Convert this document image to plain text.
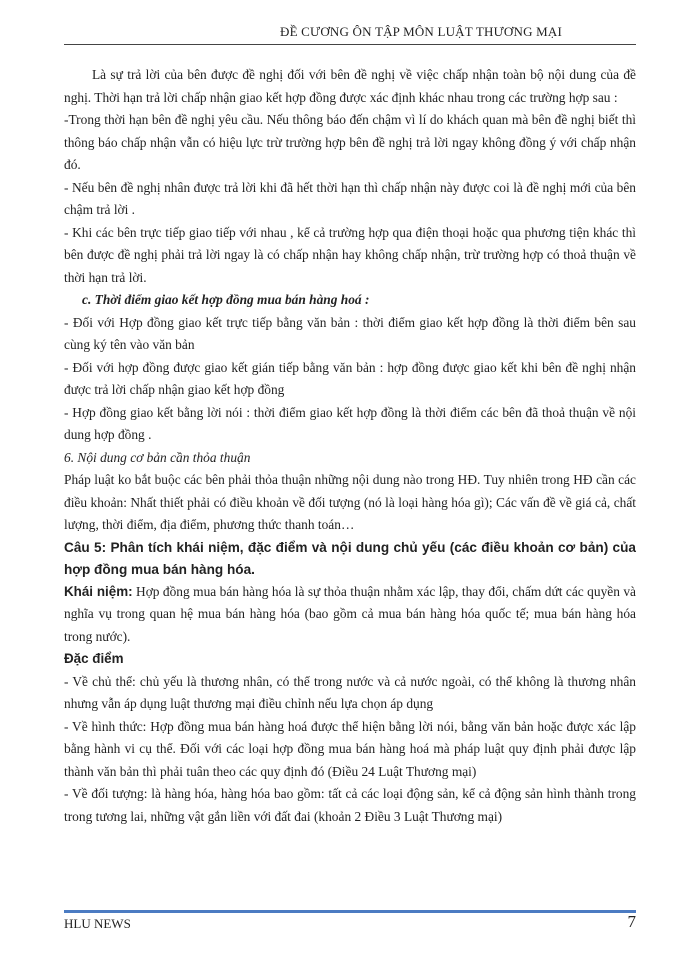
ĐỀ CƯƠNG ÔN TẬP MÔN LUẬT THƯƠNG MẠI

Là sự trả lời của bên được đề nghị đối với bên đề nghị về việc chấp nhận toàn bộ nội dung của đề nghị. Thời hạn trả lời chấp nhận giao kết hợp đồng được xác định khác nhau trong các trường hợp sau :

-Trong thời hạn bên đề nghị yêu cầu. Nếu thông báo đến chậm vì lí do khách quan mà bên đề nghị biết thì thông báo chấp nhận vẫn có hiệu lực trừ trường hợp bên đề nghị trả lời ngay không đồng ý với chấp nhận đó.

- Nếu bên đề nghị nhân được trả lời khi đã hết thời hạn thì chấp nhận này được coi là đề nghị mới của bên chậm trả lời .

- Khi các bên trực tiếp giao tiếp với nhau , kể cả trường hợp qua điện thoại hoặc qua phương tiện khác thì bên được đề nghị phải trả lời ngay là có chấp nhận hay không chấp nhận, trừ trường hợp có thoả thuận về thời hạn trả lời.

c. Thời điểm giao kết hợp đồng mua bán hàng hoá :

- Đối với Hợp đồng giao kết trực tiếp bằng văn bản : thời điểm giao kết hợp đồng là thời điểm bên sau cùng ký tên vào văn bản

- Đối với hợp đồng được giao kết gián tiếp bằng văn bản : hợp đồng được giao kết khi bên đề nghị nhận được trả lời chấp nhận giao kết hợp đồng

- Hợp đồng giao kết bằng lời nói : thời điểm giao kết hợp đồng là thời điểm các bên đã thoả thuận về nội dung hợp đồng .

6. Nội dung cơ bản cần thỏa thuận

Pháp luật ko bắt buộc các bên phải thỏa thuận những nội dung nào trong HĐ. Tuy nhiên trong HĐ cần các điều khoản: Nhất thiết phải có điều khoản về đối tượng (nó là loại hàng hóa gì); Các vấn đề về giá cả, chất lượng, thời điểm, địa điểm, phương thức thanh toán…

Câu 5: Phân tích khái niệm, đặc điểm và nội dung chủ yếu (các điều khoản cơ bản) của hợp đồng mua bán hàng hóa.

Khái niệm: Hợp đồng mua bán hàng hóa là sự thỏa thuận nhằm xác lập, thay đổi, chấm dứt các quyền và nghĩa vụ trong quan hệ mua bán hàng hóa (bao gồm cả mua bán hàng hóa quốc tế; mua bán hàng hóa trong nước).

Đặc điểm

- Về chủ thể: chủ yếu là thương nhân, có thể trong nước và cả nước ngoài, có thể không là thương nhân nhưng vẫn áp dụng luật thương mại điều chỉnh nếu lựa chọn áp dụng

- Về hình thức: Hợp đồng mua bán hàng hoá được thể hiện bằng lời nói, bằng văn bản hoặc được xác lập bằng hành vi cụ thể. Đối với các loại hợp đồng mua bán hàng hoá mà pháp luật quy định phải được lập thành văn bản thì phải tuân theo các quy định đó (Điều 24 Luật Thương mại)

- Về đối tượng: là hàng hóa, hàng hóa bao gồm: tất cả các loại động sản, kể cả động sản hình thành trong trong tương lai, những vật gắn liền với đất đai (khoản 2 Điều 3 Luật Thương mại)

HLU NEWS	7
